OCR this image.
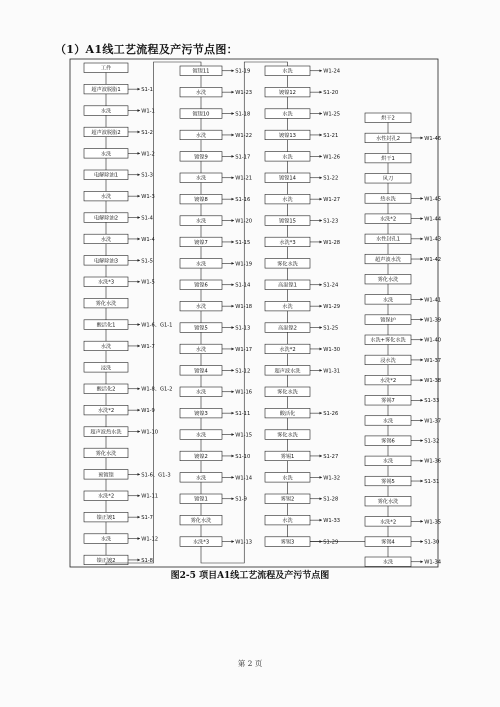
（1）A1线工艺流程及产污节点图：
工件
超声波脱脂1	S1-1
水洗	W1-1
超声波脱脂2	S1-2
水洗	W1-2
电解除油1	S1-3
水洗	W1-3
电解除油2	S1-4
水洗	W1-4
电解除油3	S1-5
水洗*3	W1-5
雾化水洗
酸活化1	W1-6、G1-1
水洗	W1-7
浸洗
酸活化2	W1-8、G1-2
水洗*2	W1-9
超声波热水洗	W1-10
雾化水洗
预镀镍	S1-6、G1-3
水洗*2	W1-11
镍正镀1	S1-7
水洗	W1-12
镍正镀2	S1-8
镀镍11	S1-19
水洗	W1-23
镀镍10	S1-18
水洗	W1-22
镀镍9	S1-17
水洗	W1-21
镀镍8	S1-16
水洗	W1-20
镀镍7	S1-15
水洗	W1-19
镀镍6	S1-14
水洗	W1-18
镀镍5	S1-13
水洗	W1-17
镀镍4	S1-12
水洗	W1-16
镀镍3	S1-11
水洗	W1-15
镀镍2	S1-10
水洗	W1-14
镀镍1	S1-9
雾化水洗
水洗*3	W1-13
水洗	W1-24
镀镍12	S1-20
水洗	W1-25
镀镍13	S1-21
水洗	W1-26
镀镍14	S1-22
水洗	W1-27
镀镍15	S1-23
水洗*3	W1-28
雾化水洗
高温镍1	S1-24
水洗	W1-29
高温镍2	S1-25
水洗*2	W1-30
超声波水洗	W1-31
雾化水洗
酸活化	S1-26
雾化水洗
雾锡1	S1-27
水洗	W1-32
雾锡2	S1-28
水洗	W1-33
雾锡3	S1-29
烘干2
水性封孔2	W1-46
烘干1
风刀
热水洗	W1-45
水洗*2	W1-44
水性封孔1	W1-43
超声波水洗	W1-42
雾化水洗
水洗	W1-41
镀保护	W1-39
水洗+雾化水洗	W1-40
浸水洗	W1-37
水洗*2	W1-38
雾锡7	S1-33
水洗	W1-37
雾锡6	S1-32
水洗	W1-36
雾锡5	S1-31
雾化水洗
水洗*2	W1-35
雾锡4	S1-30
水洗	W1-34
图2-5 项目A1线工艺流程及产污节点图
第 2 页
